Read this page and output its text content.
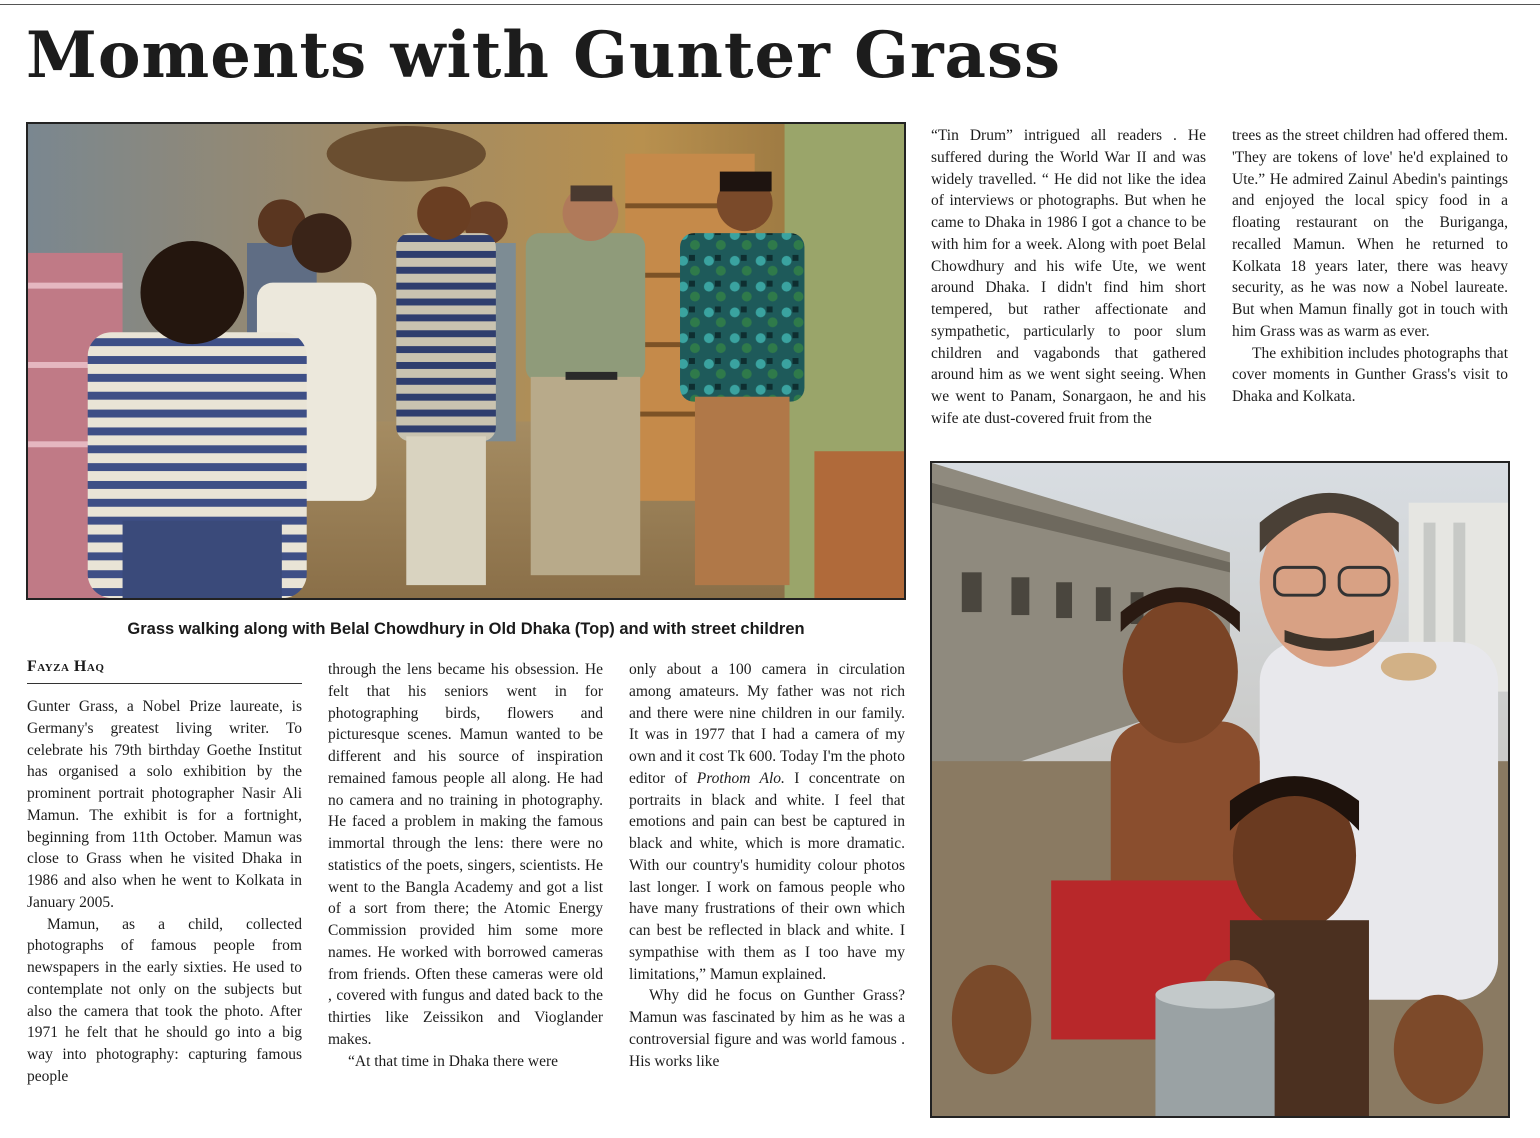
Moments with Gunter Grass

Grass walking along with Belal Chowdhury in Old Dhaka (Top) and with street children

Fayza Haq

Gunter Grass, a Nobel Prize laureate, is Germany's greatest living writer. To celebrate his 79th birthday Goethe Institut has organised a solo exhibition by the prominent portrait photographer Nasir Ali Mamun. The exhibit is for a fortnight, beginning from 11th October. Mamun was close to Grass when he visited Dhaka in 1986 and also when he went to Kolkata in January 2005.

Mamun, as a child, collected photographs of famous people from newspapers in the early sixties. He used to contemplate not only on the subjects but also the camera that took the photo. After 1971 he felt that he should go into a big way into photography: capturing famous people

through the lens became his obsession. He felt that his seniors went in for photographing birds, flowers and picturesque scenes. Mamun wanted to be different and his source of inspiration remained famous people all along. He had no camera and no training in photography. He faced a problem in making the famous immortal through the lens: there were no statistics of the poets, singers, scientists. He went to the Bangla Academy and got a list of a sort from there; the Atomic Energy Commission provided him some more names. He worked with borrowed cameras from friends. Often these cameras were old , covered with fungus and dated back to the thirties like Zeissikon and Vioglander makes.

“At that time in Dhaka there were

only about a 100 camera in circulation among amateurs. My father was not rich and there were nine children in our family. It was in 1977 that I had a camera of my own and it cost Tk 600. Today I'm the photo editor of Prothom Alo. I concentrate on portraits in black and white. I feel that emotions and pain can best be captured in black and white, which is more dramatic. With our country's humidity colour photos last longer. I work on famous people who have many frustrations of their own which can best be reflected in black and white. I sympathise with them as I too have my limitations,” Mamun explained.

Why did he focus on Gunther Grass? Mamun was fascinated by him as he was a controversial figure and was world famous . His works like

“Tin Drum” intrigued all readers . He suffered during the World War II and was widely travelled. “ He did not like the idea of interviews or photographs. But when he came to Dhaka in 1986 I got a chance to be with him for a week. Along with poet Belal Chowdhury and his wife Ute, we went around Dhaka. I didn't find him short tempered, but rather affectionate and sympathetic, particularly to poor slum children and vagabonds that gathered around him as we went sight seeing. When we went to Panam, Sonargaon, he and his wife ate dust-covered fruit from the

trees as the street children had offered them. 'They are tokens of love' he'd explained to Ute.” He admired Zainul Abedin's paintings and enjoyed the local spicy food in a floating restaurant on the Buriganga, recalled Mamun. When he returned to Kolkata 18 years later, there was heavy security, as he was now a Nobel laureate. But when Mamun finally got in touch with him Grass was as warm as ever.

The exhibition includes photographs that cover moments in Gunther Grass's visit to Dhaka and Kolkata.
